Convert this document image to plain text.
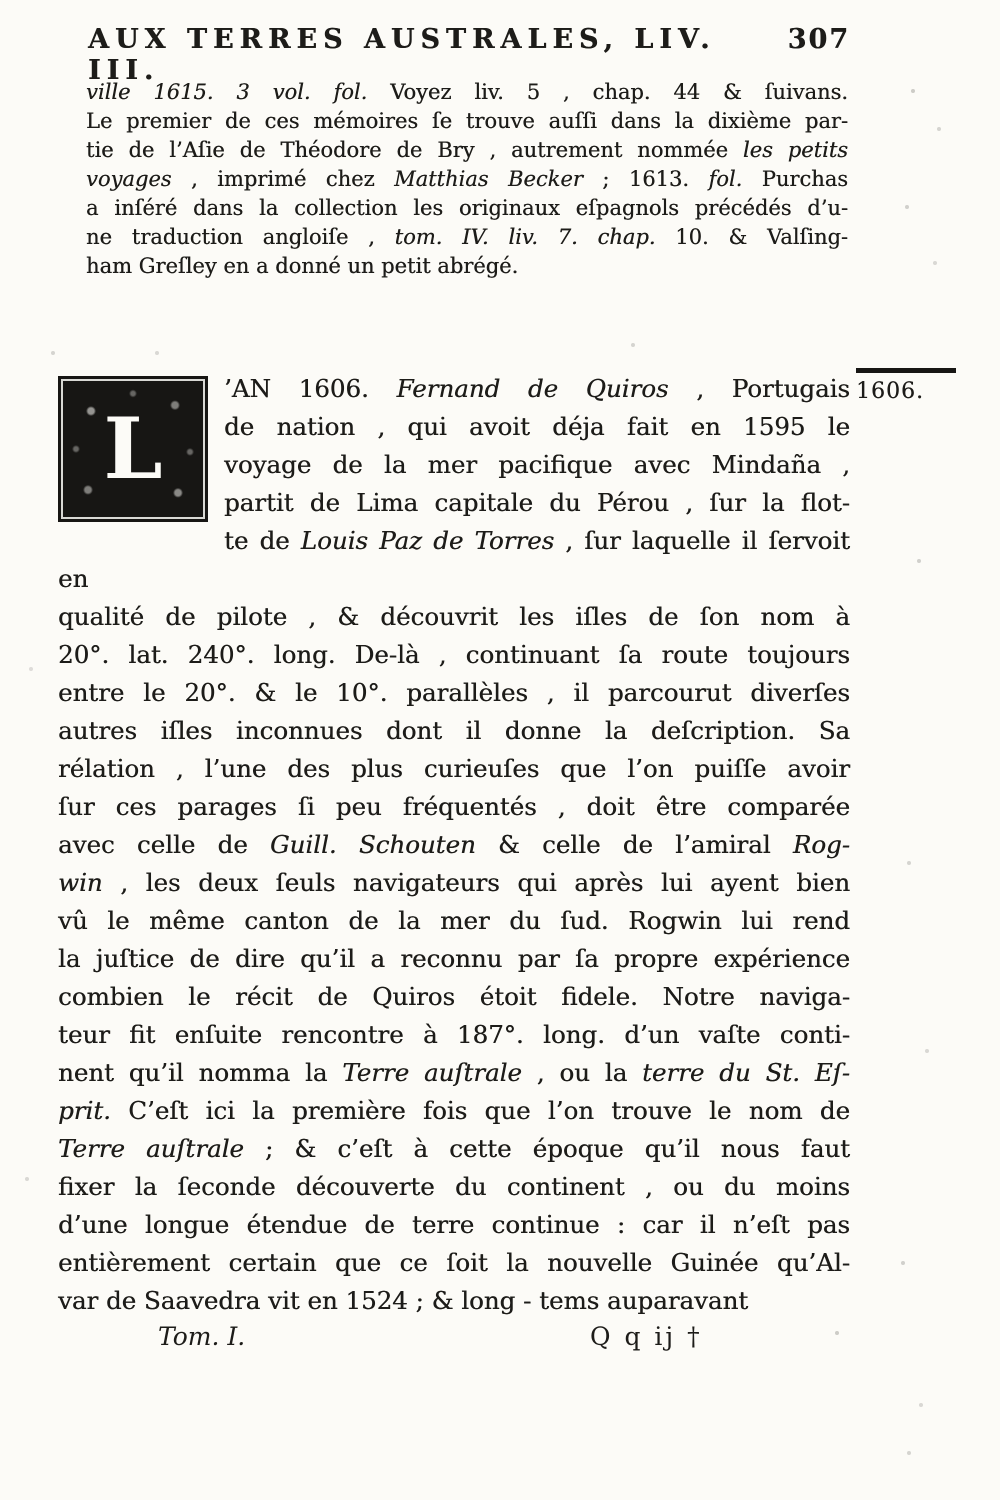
AUX TERRES AUSTRALES, LIV. III.
307
ville 1615. 3 vol. fol. Voyez liv. 5 , chap. 44 & ſuivans.
Le premier de ces mémoires ſe trouve auſſi dans la dixième par-
tie de l’Aſie de Théodore de Bry , autrement nommée les petits
voyages , imprimé chez Matthias Becker ; 1613. fol. Purchas
a inſéré dans la collection les originaux eſpagnols précédés d’u-
ne traduction angloiſe , tom. IV. liv. 7. chap. 10. & Valſing-
ham Greſley en a donné un petit abrégé.
1606.
L
’AN 1606. Fernand de Quiros , Portugais
de nation , qui avoit déja fait en 1595 le
voyage de la mer pacifique avec Mindaña ,
partit de Lima capitale du Pérou , ſur la flot-
te de Louis Paz de Torres , ſur laquelle il ſervoit en
qualité de pilote , & découvrit les iſles de ſon nom à
20°. lat. 240°. long. De-là , continuant ſa route toujours
entre le 20°. & le 10°. parallèles , il parcourut diverſes
autres iſles inconnues dont il donne la deſcription. Sa
rélation , l’une des plus curieuſes que l’on puiſſe avoir
ſur ces parages ſi peu fréquentés , doit être comparée
avec celle de Guill. Schouten & celle de l’amiral Rog-
win , les deux ſeuls navigateurs qui après lui ayent bien
vû le même canton de la mer du ſud. Rogwin lui rend
la juſtice de dire qu’il a reconnu par ſa propre expérience
combien le récit de Quiros étoit fidele. Notre naviga-
teur fit enſuite rencontre à 187°. long. d’un vaſte conti-
nent qu’il nomma la Terre auſtrale , ou la terre du St. Eſ-
prit. C’eſt ici la première fois que l’on trouve le nom de
Terre auſtrale ; & c’eſt à cette époque qu’il nous faut
fixer la ſeconde découverte du continent , ou du moins
d’une longue étendue de terre continue : car il n’eſt pas
entièrement certain que ce ſoit la nouvelle Guinée qu’Al-
var de Saavedra vit en 1524 ; & long - tems auparavant
Tom. I.	Q q ij †
